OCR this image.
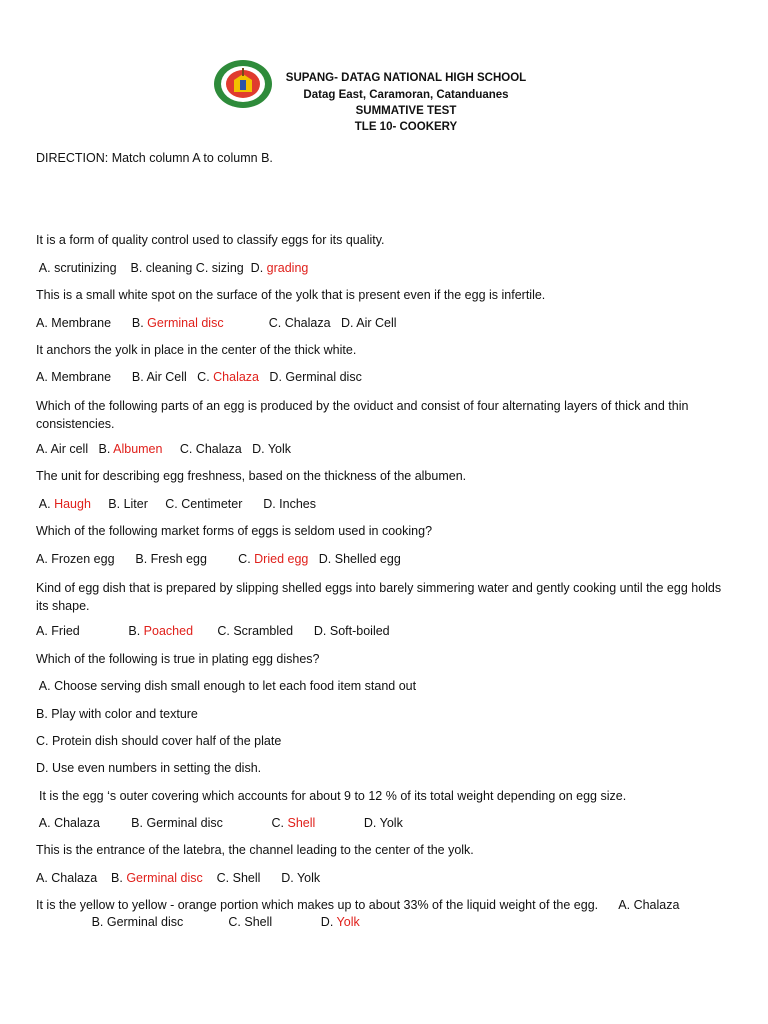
SUPANG- DATAG NATIONAL HIGH SCHOOL
Datag East, Caramoran, Catanduanes
SUMMATIVE TEST
TLE 10- COOKERY
DIRECTION: Match column A to column B.
It is a form of quality control used to classify eggs for its quality.
A. scrutinizing    B. cleaning C. sizing  D. grading
This is a small white spot on the surface of the yolk that is present even if the egg is infertile.
A. Membrane      B. Germinal disc             C. Chalaza   D. Air Cell
It anchors the yolk in place in the center of the thick white.
A. Membrane      B. Air Cell   C. Chalaza   D. Germinal disc
Which of the following parts of an egg is produced by the oviduct and consist of four alternating layers of thick and thin consistencies.
A. Air cell   B. Albumen     C. Chalaza   D. Yolk
The unit for describing egg freshness, based on the thickness of the albumen.
A. Haugh     B. Liter     C. Centimeter      D. Inches
Which of the following market forms of eggs is seldom used in cooking?
A. Frozen egg      B. Fresh egg         C. Dried egg   D. Shelled egg
Kind of egg dish that is prepared by slipping shelled eggs into barely simmering water and gently cooking until the egg holds its shape.
A. Fried              B. Poached       C. Scrambled      D. Soft-boiled
Which of the following is true in plating egg dishes?
A. Choose serving dish small enough to let each food item stand out
B. Play with color and texture
C. Protein dish should cover half of the plate
D. Use even numbers in setting the dish.
It is the egg ‘s outer covering which accounts for about 9 to 12 % of its total weight depending on egg size.
A. Chalaza         B. Germinal disc              C. Shell              D. Yolk
This is the entrance of the latebra, the channel leading to the center of the yolk.
A. Chalaza    B. Germinal disc    C. Shell      D. Yolk
It is the yellow to yellow - orange portion which makes up to about 33% of the liquid weight of the egg.      A. Chalaza
B. Germinal disc             C. Shell              D. Yolk
